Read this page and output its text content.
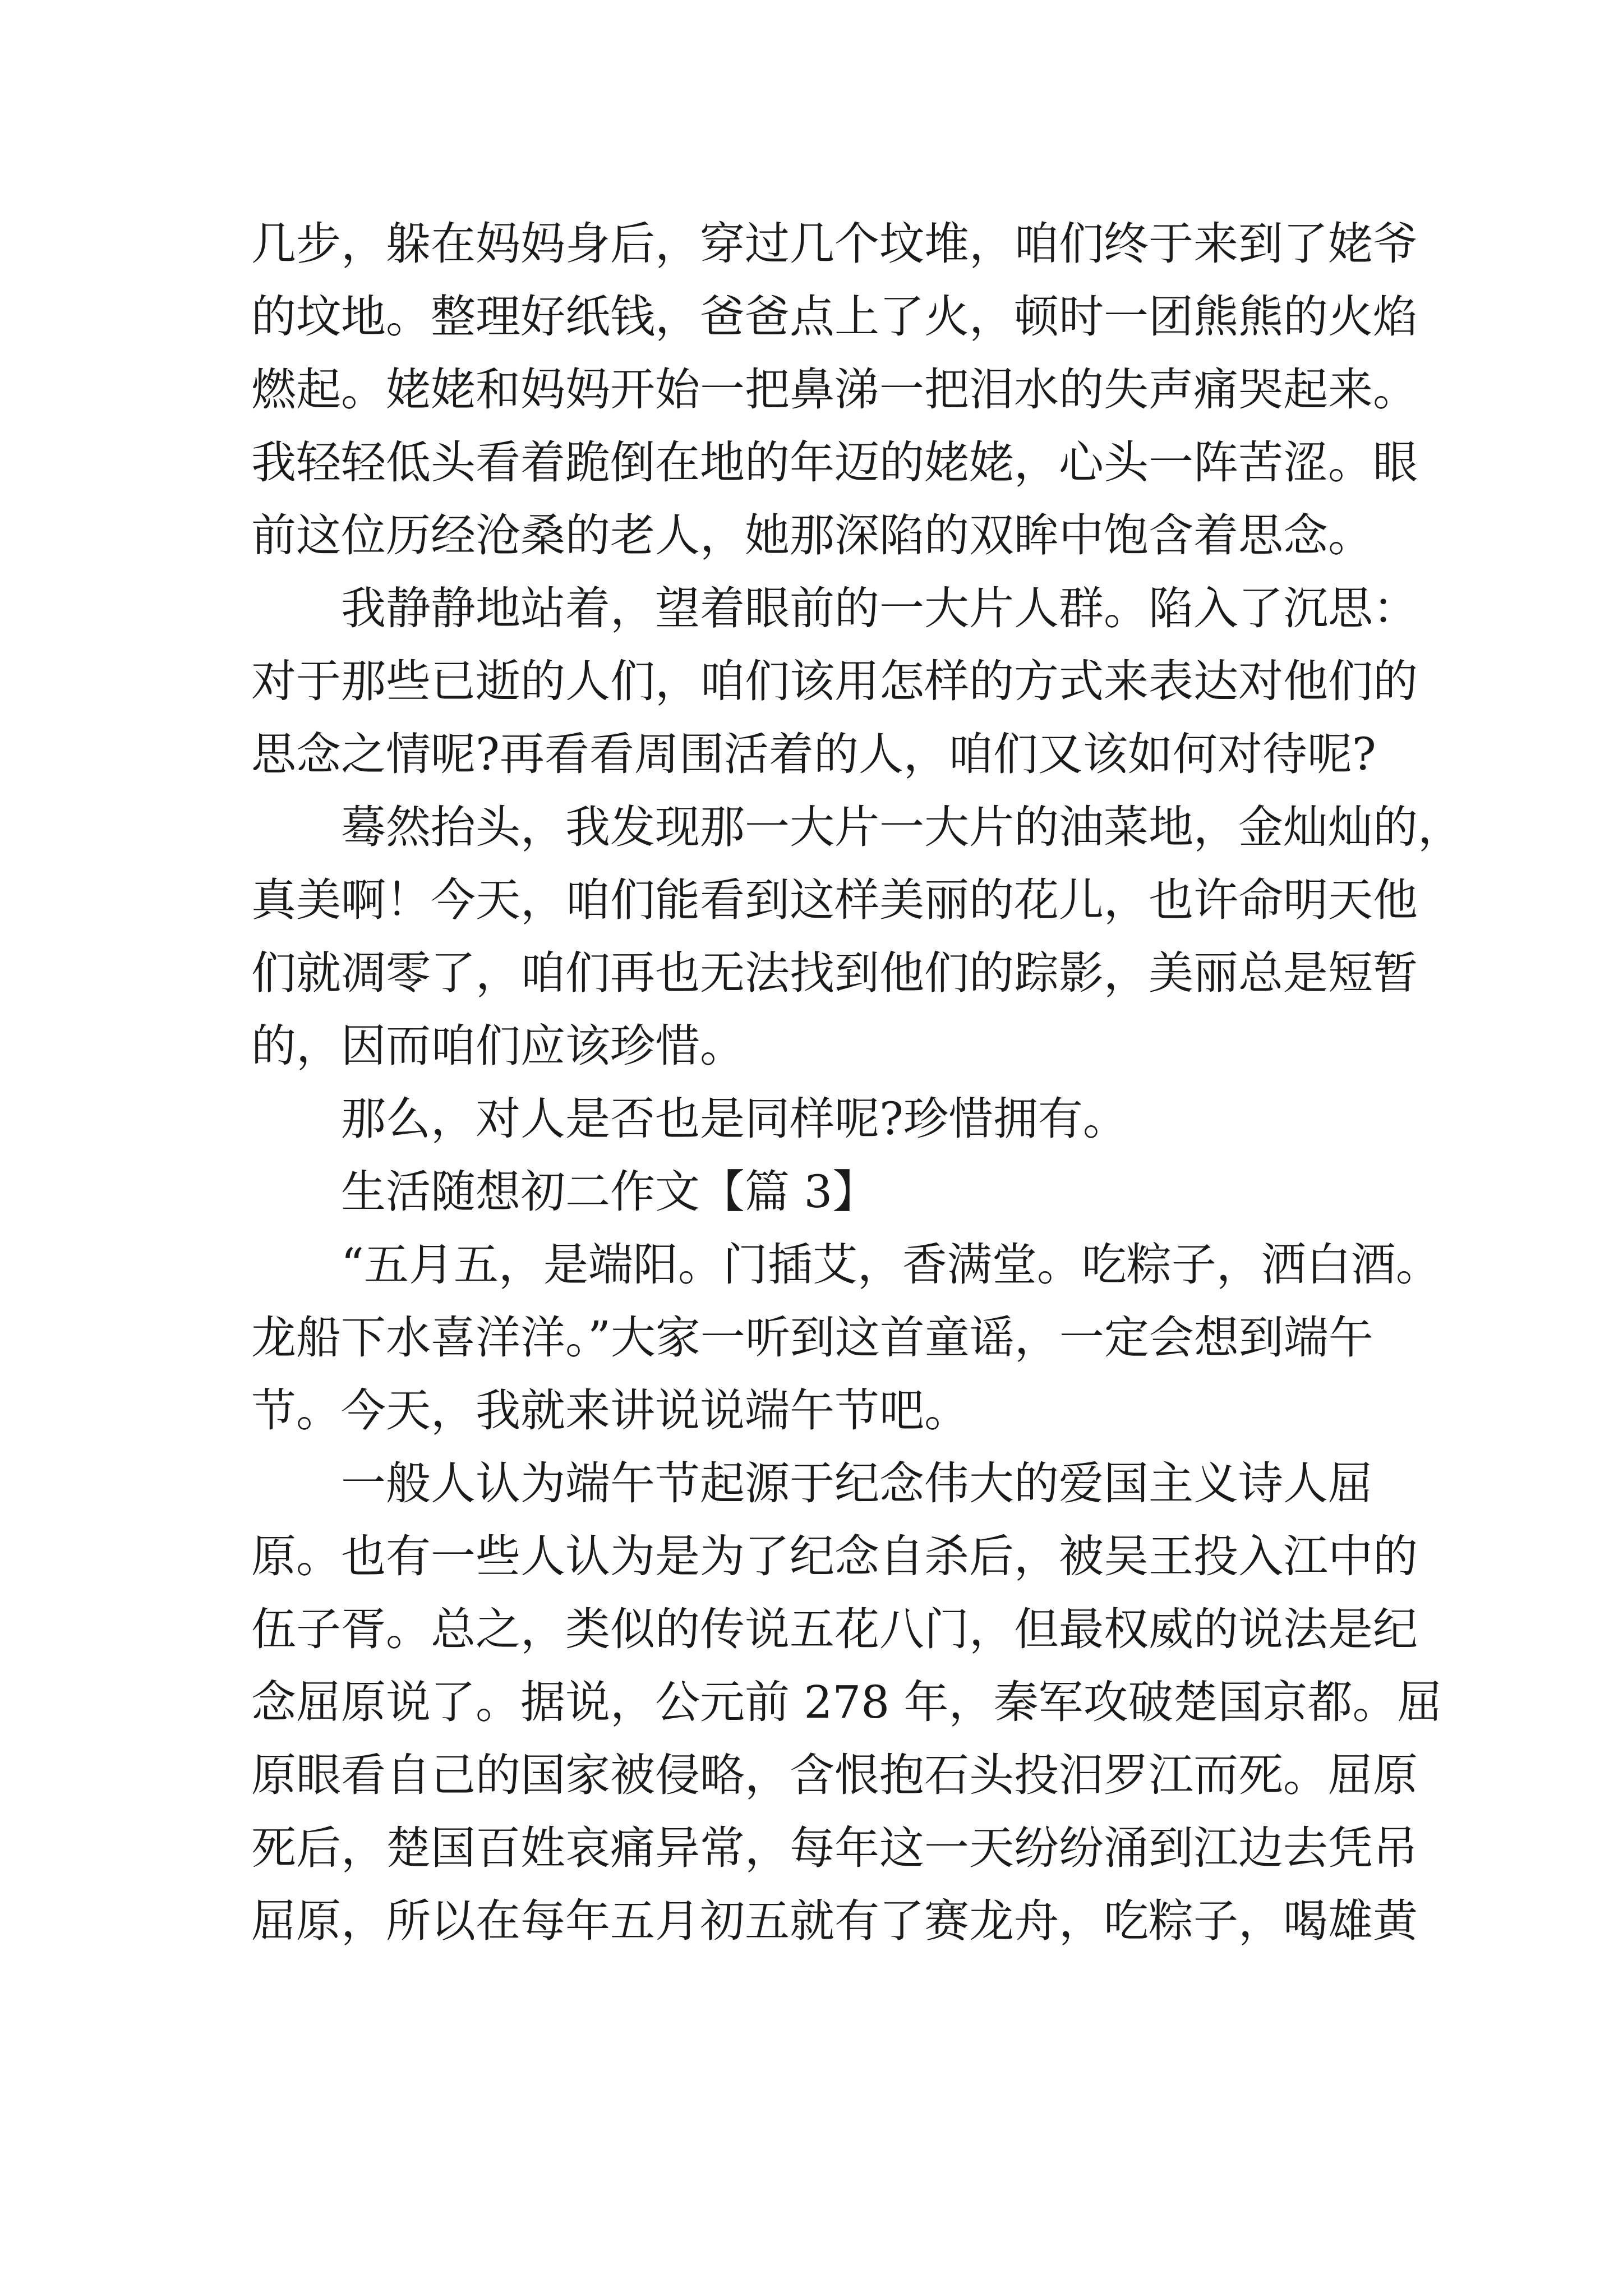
几步，躲在妈妈身后，穿过几个坟堆，咱们终于来到了姥爷
的坟地。整理好纸钱，爸爸点上了火，顿时一团熊熊的火焰
燃起。姥姥和妈妈开始一把鼻涕一把泪水的失声痛哭起来。
我轻轻低头看着跪倒在地的年迈的姥姥，心头一阵苦涩。眼
前这位历经沧桑的老人，她那深陷的双眸中饱含着思念。
我静静地站着，望着眼前的一大片人群。陷入了沉思：
对于那些已逝的人们，咱们该用怎样的方式来表达对他们的
思念之情呢?再看看周围活着的人，咱们又该如何对待呢?
蓦然抬头，我发现那一大片一大片的油菜地，金灿灿的，
真美啊！今天，咱们能看到这样美丽的花儿，也许命明天他
们就凋零了，咱们再也无法找到他们的踪影，美丽总是短暂
的，因而咱们应该珍惜。
那么，对人是否也是同样呢?珍惜拥有。
生活随想初二作文【篇 3】
“五月五，是端阳。门插艾，香满堂。吃粽子，洒白酒。
龙船下水喜洋洋。”大家一听到这首童谣，一定会想到端午
节。今天，我就来讲说说端午节吧。
一般人认为端午节起源于纪念伟大的爱国主义诗人屈
原。也有一些人认为是为了纪念自杀后，被吴王投入江中的
伍子胥。总之，类似的传说五花八门，但最权威的说法是纪
念屈原说了。据说，公元前 278 年，秦军攻破楚国京都。屈
原眼看自己的国家被侵略，含恨抱石头投汨罗江而死。屈原
死后，楚国百姓哀痛异常，每年这一天纷纷涌到江边去凭吊
屈原，所以在每年五月初五就有了赛龙舟，吃粽子，喝雄黄
